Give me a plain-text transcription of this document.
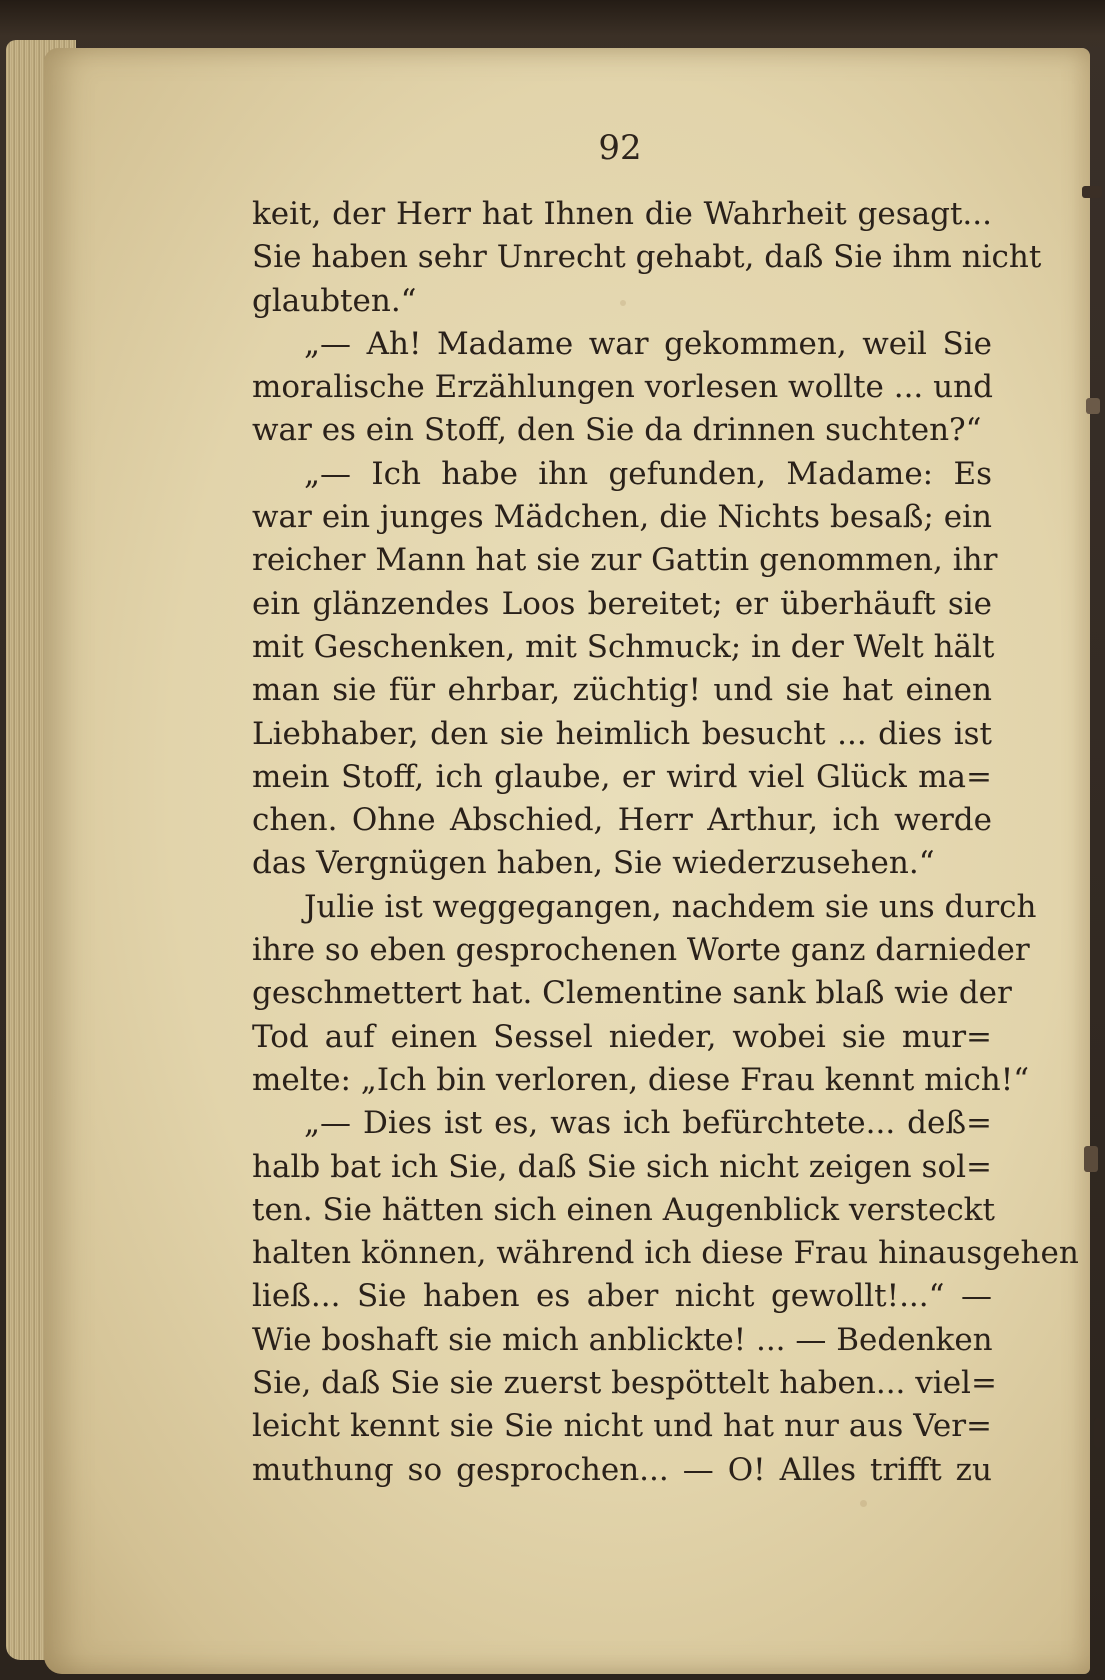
92
keit, der Herr hat Ihnen die Wahrheit gesagt...
Sie haben sehr Unrecht gehabt, daß Sie ihm nicht
glaubten.“
„— Ah! Madame war gekommen, weil Sie
moralische Erzählungen vorlesen wollte ... und
war es ein Stoff, den Sie da drinnen suchten?“
„— Ich habe ihn gefunden, Madame: Es
war ein junges Mädchen, die Nichts besaß; ein
reicher Mann hat sie zur Gattin genommen, ihr
ein glänzendes Loos bereitet; er überhäuft sie
mit Geschenken, mit Schmuck; in der Welt hält
man sie für ehrbar, züchtig! und sie hat einen
Liebhaber, den sie heimlich besucht ... dies ist
mein Stoff, ich glaube, er wird viel Glück ma=
chen. Ohne Abschied, Herr Arthur, ich werde
das Vergnügen haben, Sie wiederzusehen.“
Julie ist weggegangen, nachdem sie uns durch
ihre so eben gesprochenen Worte ganz darnieder
geschmettert hat. Clementine sank blaß wie der
Tod auf einen Sessel nieder, wobei sie mur=
melte: „Ich bin verloren, diese Frau kennt mich!“
„— Dies ist es, was ich befürchtete... deß=
halb bat ich Sie, daß Sie sich nicht zeigen sol=
ten. Sie hätten sich einen Augenblick versteckt
halten können, während ich diese Frau hinausgehen
ließ... Sie haben es aber nicht gewollt!...“ —
Wie boshaft sie mich anblickte! ... — Bedenken
Sie, daß Sie sie zuerst bespöttelt haben... viel=
leicht kennt sie Sie nicht und hat nur aus Ver=
muthung so gesprochen... — O! Alles trifft zu
